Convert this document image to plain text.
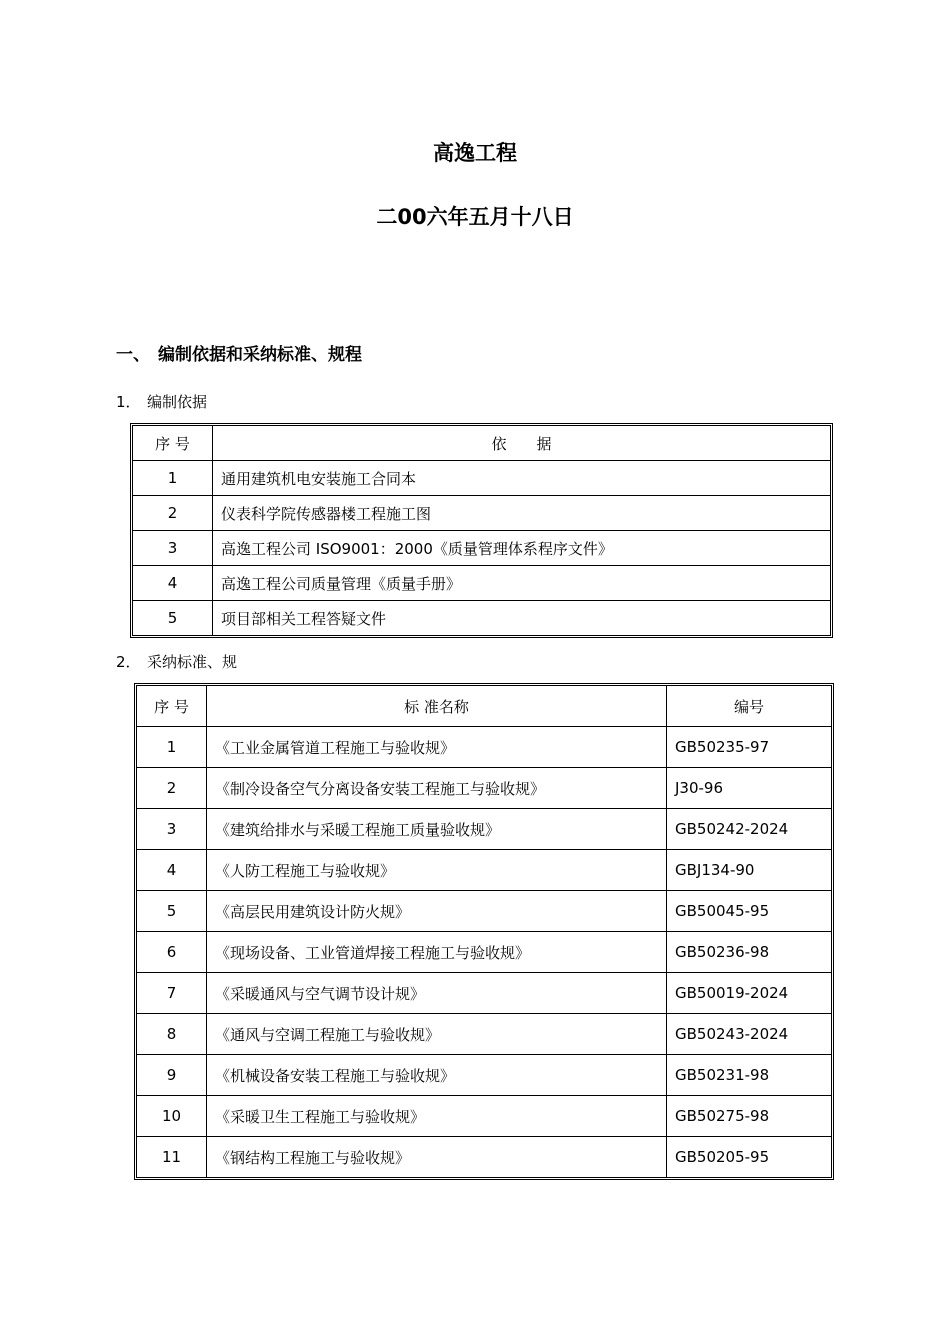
高逸工程
二00六年五月十八日
一、 编制依据和采纳标准、规程
1． 编制依据
序 号	依　　据
1	通用建筑机电安装施工合同本
2	仪表科学院传感器楼工程施工图
3	高逸工程公司 ISO9001：2000《质量管理体系程序文件》
4	高逸工程公司质量管理《质量手册》
5	项目部相关工程答疑文件
2． 采纳标准、规
序 号	标 准名称	编号
1	《工业金属管道工程施工与验收规》	GB50235-97
2	《制冷设备空气分离设备安装工程施工与验收规》	J30-96
3	《建筑给排水与采暖工程施工质量验收规》	GB50242-2024
4	《人防工程施工与验收规》	GBJ134-90
5	《高层民用建筑设计防火规》	GB50045-95
6	《现场设备、工业管道焊接工程施工与验收规》	GB50236-98
7	《采暖通风与空气调节设计规》	GB50019-2024
8	《通风与空调工程施工与验收规》	GB50243-2024
9	《机械设备安装工程施工与验收规》	GB50231-98
10	《采暖卫生工程施工与验收规》	GB50275-98
11	《钢结构工程施工与验收规》	GB50205-95
